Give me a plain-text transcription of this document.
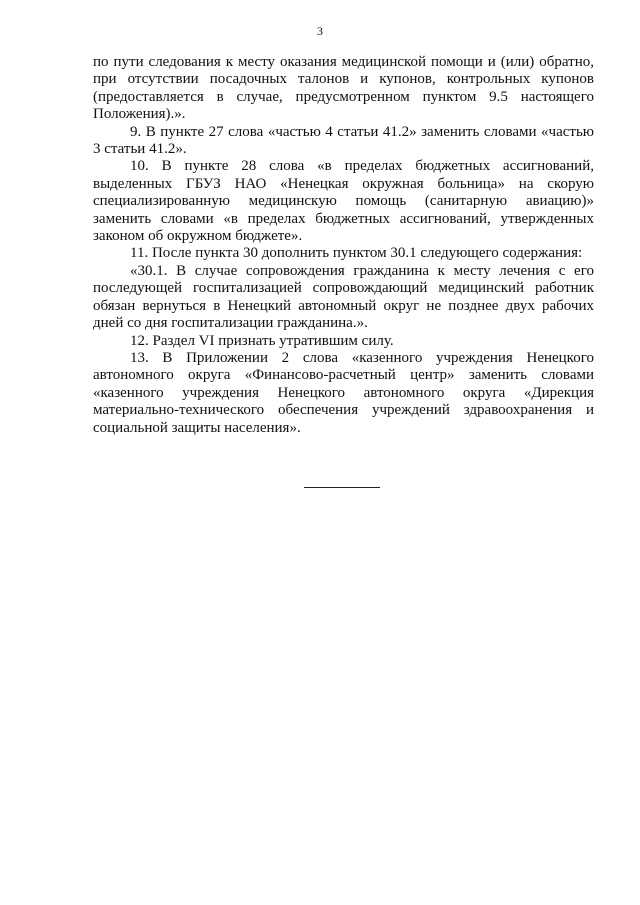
3

по пути следования к месту оказания медицинской помощи и (или) обратно, при отсутствии посадочных талонов и купонов, контрольных купонов (предоставляется в случае, предусмотренном пунктом 9.5 настоящего Положения).».

9. В пункте 27 слова «частью 4 статьи 41.2» заменить словами «частью 3 статьи 41.2».

10. В пункте 28 слова «в пределах бюджетных ассигнований, выделенных ГБУЗ НАО «Ненецкая окружная больница» на скорую специализированную медицинскую помощь (санитарную авиацию)» заменить словами «в пределах бюджетных ассигнований, утвержденных законом об окружном бюджете».

11. После пункта 30 дополнить пунктом 30.1 следующего содержания:

«30.1. В случае сопровождения гражданина к месту лечения с его последующей госпитализацией сопровождающий медицинский работник обязан вернуться в Ненецкий автономный округ не позднее двух рабочих дней со дня госпитализации гражданина.».

12. Раздел VI признать утратившим силу.

13. В Приложении 2 слова «казенного учреждения Ненецкого автономного округа «Финансово-расчетный центр» заменить словами «казенного учреждения Ненецкого автономного округа «Дирекция материально-технического обеспечения учреждений здравоохранения и социальной защиты населения».
